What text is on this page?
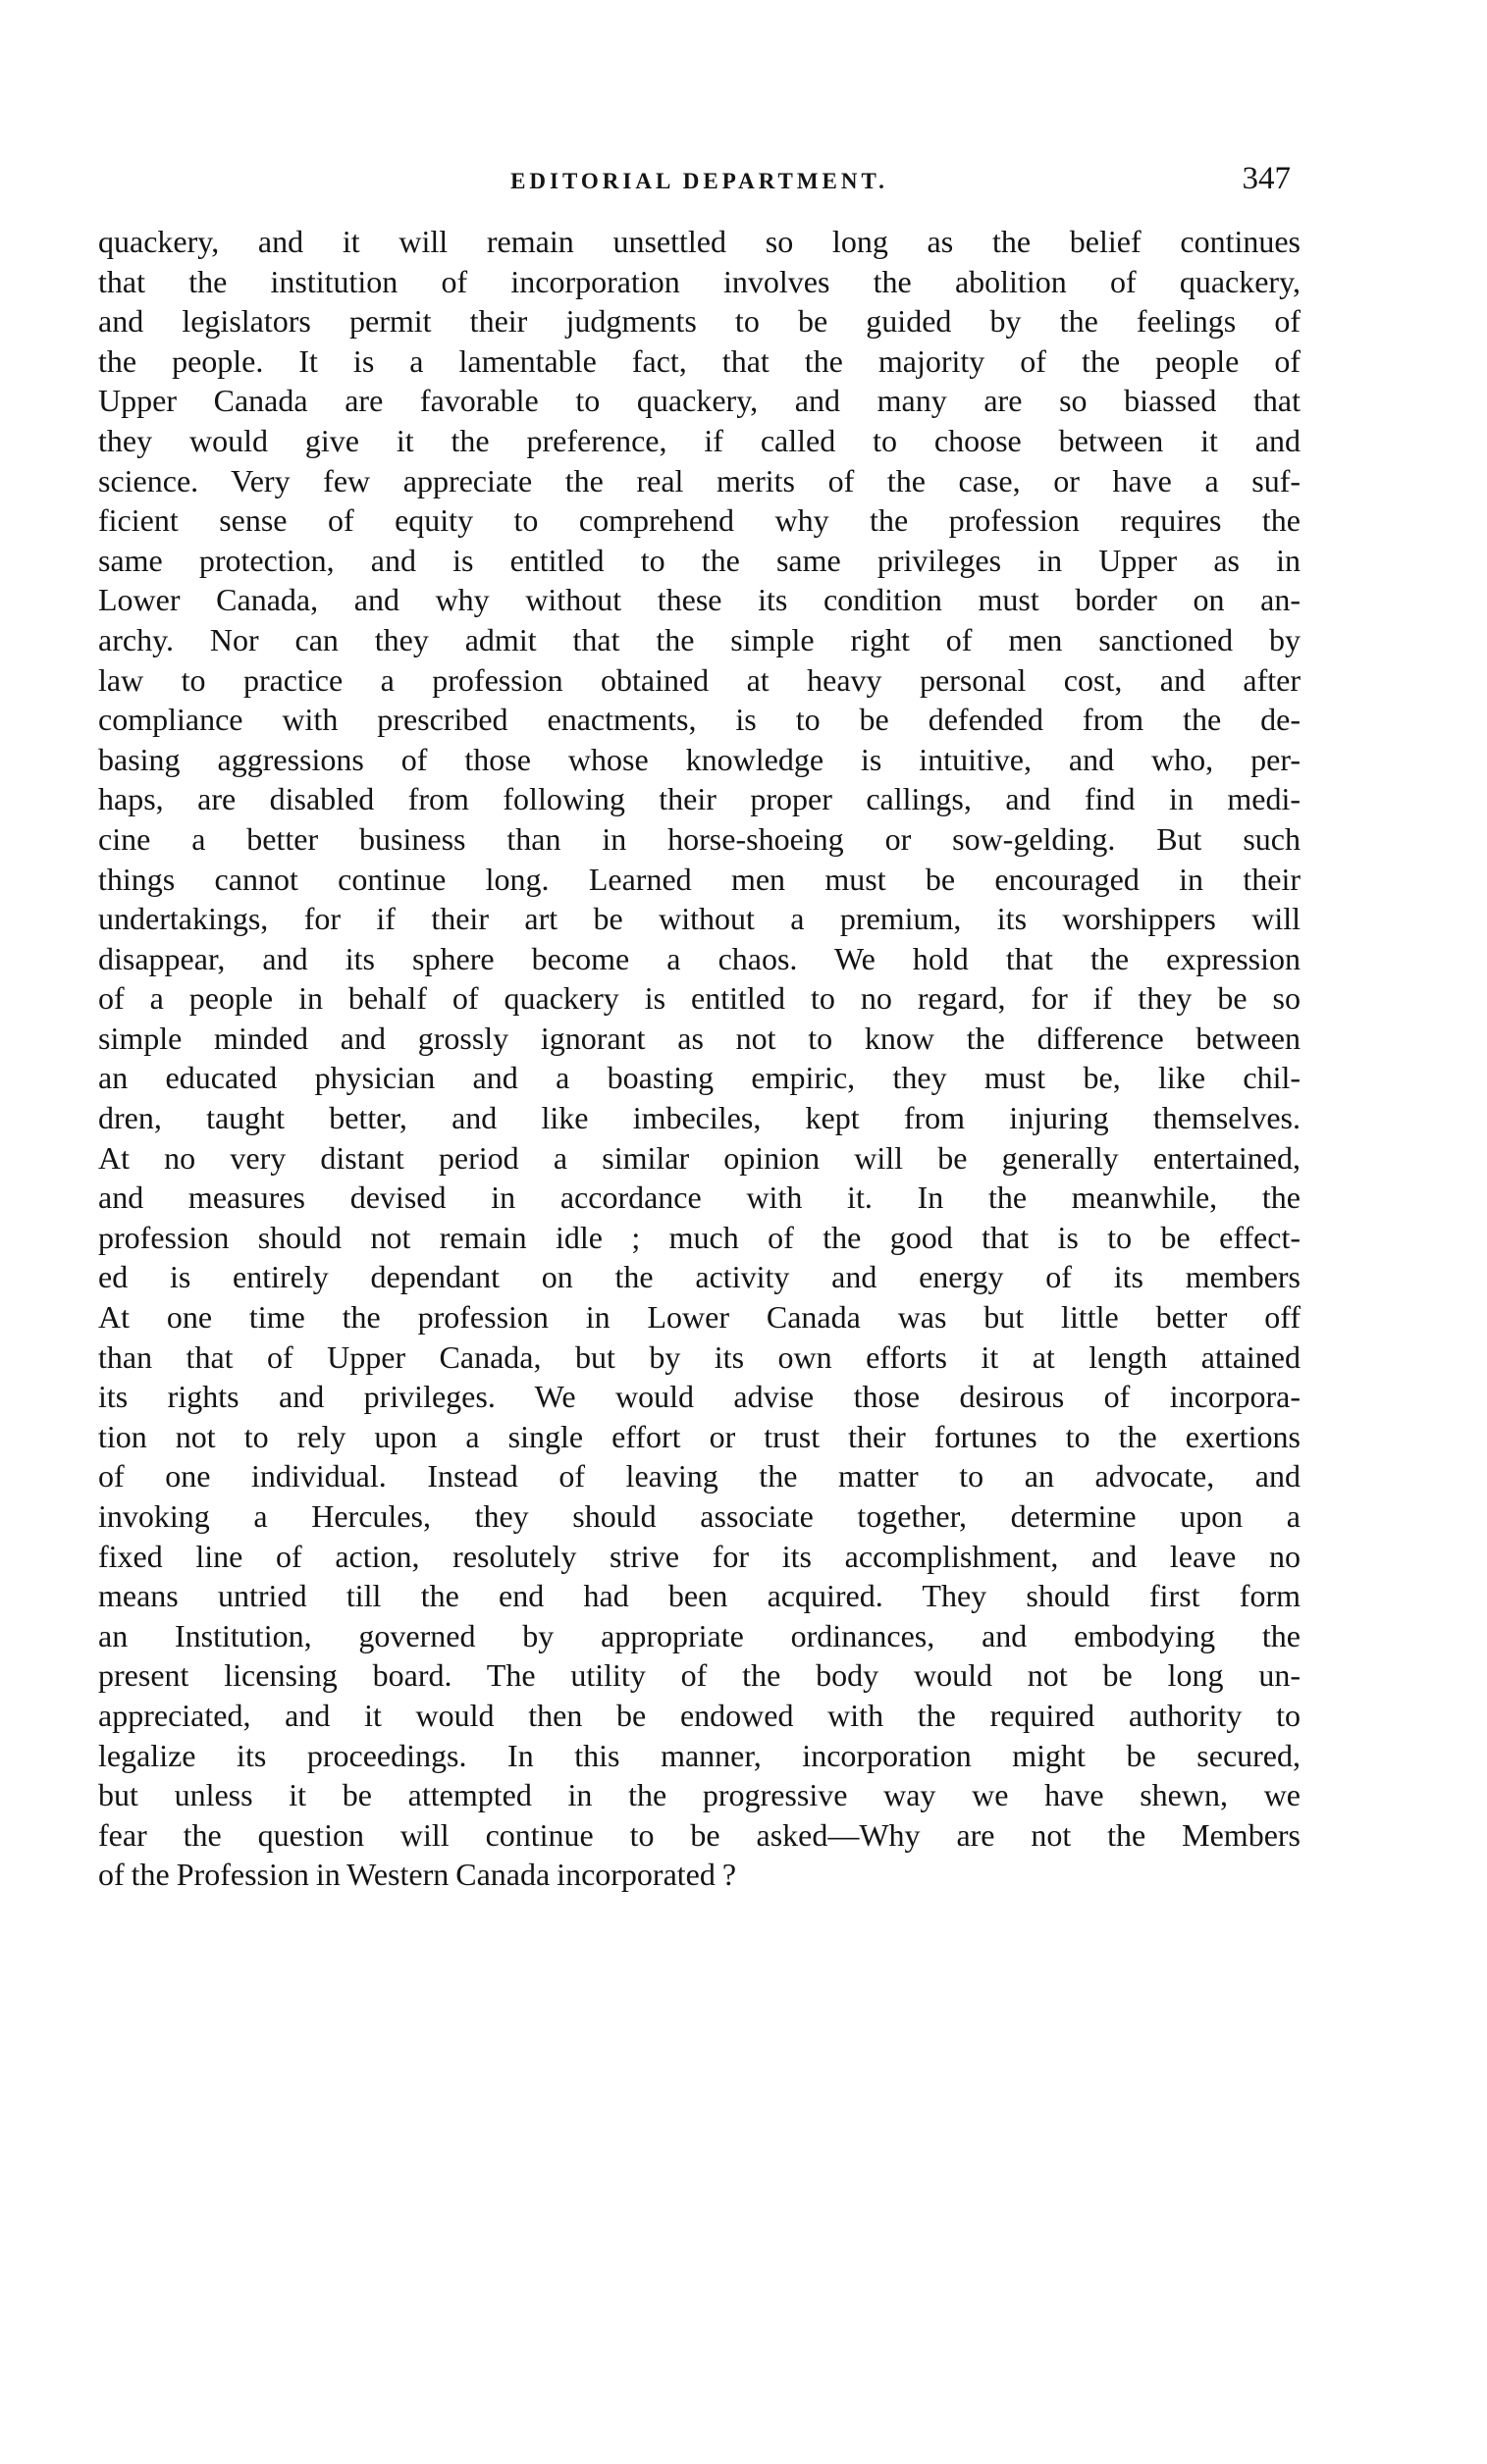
EDITORIAL DEPARTMENT.	347
quackery, and it will remain unsettled so long as the belief continues
that the institution of incorporation involves the abolition of quackery,
and legislators permit their judgments to be guided by the feelings of
the people. It is a lamentable fact, that the majority of the people of
Upper Canada are favorable to quackery, and many are so biassed that
they would give it the preference, if called to choose between it and
science. Very few appreciate the real merits of the case, or have a suf-
ficient sense of equity to comprehend why the profession requires the
same protection, and is entitled to the same privileges in Upper as in
Lower Canada, and why without these its condition must border on an-
archy. Nor can they admit that the simple right of men sanctioned by
law to practice a profession obtained at heavy personal cost, and after
compliance with prescribed enactments, is to be defended from the de-
basing aggressions of those whose knowledge is intuitive, and who, per-
haps, are disabled from following their proper callings, and find in medi-
cine a better business than in horse-shoeing or sow-gelding. But such
things cannot continue long. Learned men must be encouraged in their
undertakings, for if their art be without a premium, its worshippers will
disappear, and its sphere become a chaos. We hold that the expression
of a people in behalf of quackery is entitled to no regard, for if they be so
simple minded and grossly ignorant as not to know the difference between
an educated physician and a boasting empiric, they must be, like chil-
dren, taught better, and like imbeciles, kept from injuring themselves.
At no very distant period a similar opinion will be generally entertained,
and measures devised in accordance with it. In the meanwhile, the
profession should not remain idle ; much of the good that is to be effect-
ed is entirely dependant on the activity and energy of its members
At one time the profession in Lower Canada was but little better off
than that of Upper Canada, but by its own efforts it at length attained
its rights and privileges. We would advise those desirous of incorpora-
tion not to rely upon a single effort or trust their fortunes to the exertions
of one individual. Instead of leaving the matter to an advocate, and
invoking a Hercules, they should associate together, determine upon a
fixed line of action, resolutely strive for its accomplishment, and leave no
means untried till the end had been acquired. They should first form
an Institution, governed by appropriate ordinances, and embodying the
present licensing board. The utility of the body would not be long un-
appreciated, and it would then be endowed with the required authority to
legalize its proceedings. In this manner, incorporation might be secured,
but unless it be attempted in the progressive way we have shewn, we
fear the question will continue to be asked—Why are not the Members
of the Profession in Western Canada incorporated ?
